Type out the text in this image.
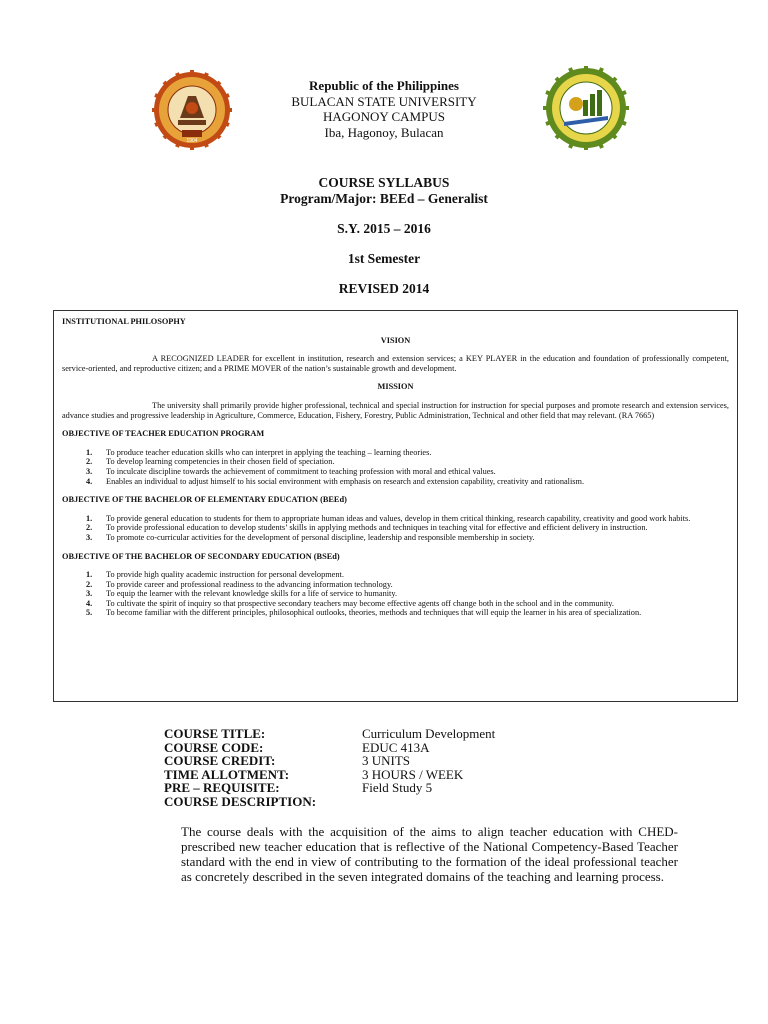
1904
Republic of the Philippines
BULACAN STATE UNIVERSITY
HAGONOY CAMPUS
Iba, Hagonoy, Bulacan
COURSE SYLLABUS
Program/Major: BEEd – Generalist
S.Y. 2015 – 2016
1st Semester
REVISED 2014

INSTITUTIONAL PHILOSOPHY

VISION

A RECOGNIZED LEADER for excellent in institution, research and extension services; a KEY PLAYER in the education and foundation of professionally competent, service-oriented, and reproductive citizen; and a PRIME MOVER of the nation’s sustainable growth and development.

MISSION

The university shall primarily provide higher professional, technical and special instruction for instruction for special purposes and promote research and extension services, advance studies and progressive leadership in Agriculture, Commerce, Education, Fishery, Forestry, Public Administration, Technical and other field that may relevant. (RA 7665)

OBJECTIVE OF TEACHER EDUCATION PROGRAM

1.	To produce teacher education skills who can interpret in applying the teaching – learning theories.
2.	To develop learning competencies in their chosen field of speciation.
3.	To inculcate discipline towards the achievement of commitment to teaching profession with moral and ethical values.
4.	Enables an individual to adjust himself to his social environment with emphasis on research and extension capability, creativity and rationalism.

OBJECTIVE OF THE BACHELOR OF ELEMENTARY EDUCATION (BEEd)

1.	To provide general education to students for them to appropriate human ideas and values, develop in them critical thinking, research capability, creativity and good work habits.
2.	To provide professional education to develop students’ skills in applying methods and techniques in teaching vital for effective and efficient delivery in instruction.
3.	To promote co-curricular activities for the development of personal discipline, leadership and responsible membership in society.

OBJECTIVE OF THE BACHELOR OF SECONDARY EDUCATION (BSEd)

1.	To provide high quality academic instruction for personal development.
2.	To provide career and professional readiness to the advancing information technology.
3.	To equip the learner with the relevant knowledge skills for a life of service to humanity.
4.	To cultivate the spirit of inquiry so that prospective secondary teachers may become effective agents off change both in the school and in the community.
5.	To become familiar with the different principles, philosophical outlooks, theories, methods and techniques that will equip the learner in his area of specialization.
COURSE TITLE:	Curriculum Development
COURSE CODE:	EDUC 413A
COURSE CREDIT:	3 UNITS
TIME ALLOTMENT:	3 HOURS / WEEK
PRE – REQUISITE:	Field Study 5
COURSE DESCRIPTION:
The course deals with the acquisition of the aims to align teacher education with CHED-prescribed new teacher education that is reflective of the National Competency-Based Teacher standard with the end in view of contributing to the formation of the ideal professional teacher as concretely described in the seven integrated domains of the teaching and learning process.
